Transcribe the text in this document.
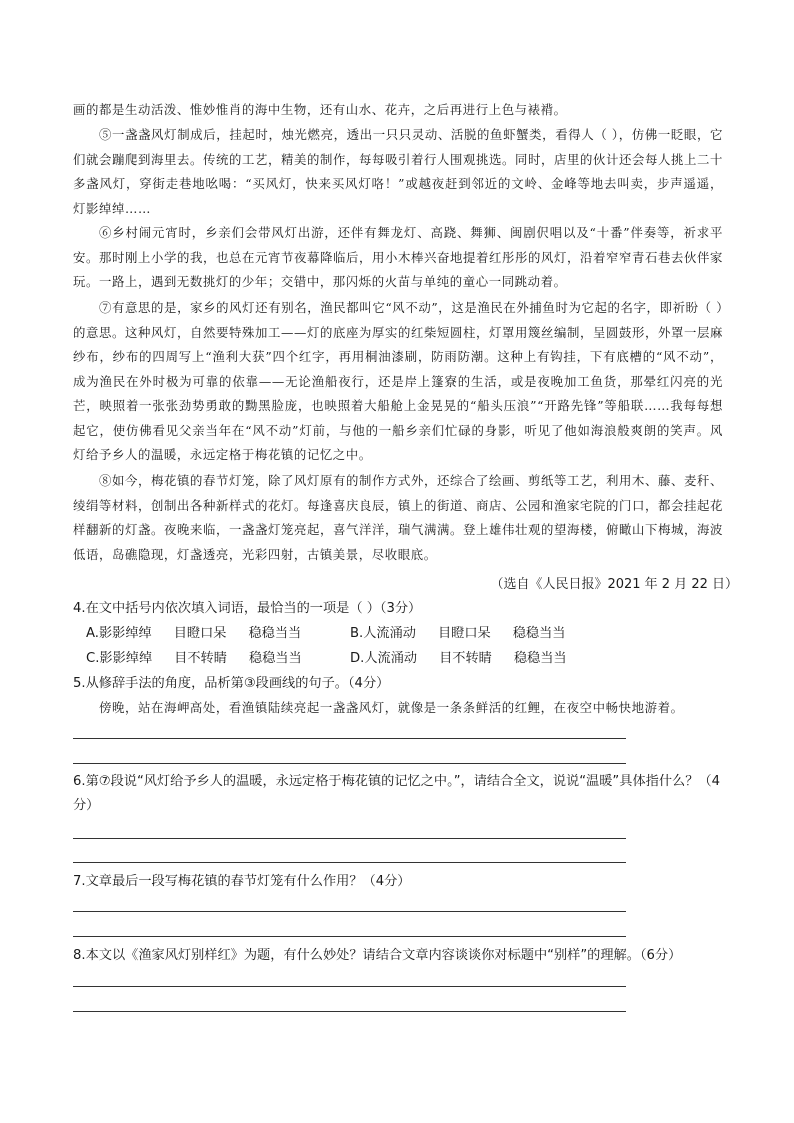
画的都是生动活泼、惟妙惟肖的海中生物，还有山水、花卉，之后再进行上色与裱褙。

⑤一盏盏风灯制成后，挂起时，烛光燃亮，透出一只只灵动、活脱的鱼虾蟹类，看得人（ ），仿佛一眨眼，它们就会蹦爬到海里去。传统的工艺，精美的制作，每每吸引着行人围观挑选。同时，店里的伙计还会每人挑上二十多盏风灯，穿街走巷地吆喝：“买风灯，快来买风灯咯！”或越夜赶到邻近的文岭、金峰等地去叫卖，步声遥遥，灯影绰绰……

⑥乡村闹元宵时，乡亲们会带风灯出游，还伴有舞龙灯、高跷、舞狮、闽剧伬唱以及“十番”伴奏等，祈求平安。那时刚上小学的我，也总在元宵节夜幕降临后，用小木棒兴奋地提着红彤彤的风灯，沿着窄窄青石巷去伙伴家玩。一路上，遇到无数挑灯的少年；交错中，那闪烁的火苗与单纯的童心一同跳动着。

⑦有意思的是，家乡的风灯还有别名，渔民都叫它“风不动”，这是渔民在外捕鱼时为它起的名字，即祈盼（ ）的意思。这种风灯，自然要特殊加工——灯的底座为厚实的红柴短圆柱，灯罩用篾丝编制，呈圆鼓形，外罩一层麻纱布，纱布的四周写上“渔利大获”四个红字，再用桐油漆刷，防雨防潮。这种上有钩挂，下有底槽的“风不动”，成为渔民在外时极为可靠的依靠——无论渔船夜行，还是岸上篷寮的生活，或是夜晚加工鱼货，那晕红闪亮的光芒，映照着一张张劲势勇敢的黝黑脸庞，也映照着大船舱上金晃晃的“船头压浪”“开路先锋”等船联……我每每想起它，使仿佛看见父亲当年在“风不动”灯前，与他的一船乡亲们忙碌的身影，听见了他如海浪般爽朗的笑声。风灯给予乡人的温暖，永远定格于梅花镇的记忆之中。

⑧如今，梅花镇的春节灯笼，除了风灯原有的制作方式外，还综合了绘画、剪纸等工艺，利用木、藤、麦秆、绫绢等材料，创制出各种新样式的花灯。每逢喜庆良辰，镇上的街道、商店、公园和渔家宅院的门口，都会挂起花样翻新的灯盏。夜晚来临，一盏盏灯笼亮起，喜气洋洋，瑞气满满。登上雄伟壮观的望海楼，俯瞰山下梅城，海波低语，岛礁隐现，灯盏透亮，光彩四射，古镇美景，尽收眼底。

（选自《人民日报》2021 年 2 月 22 日）

4.在文中括号内依次填入词语，最恰当的一项是（ ）（3分）

A.影影绰绰 目瞪口呆 稳稳当当	B.人流涌动 目瞪口呆 稳稳当当
C.影影绰绰 目不转睛 稳稳当当	D.人流涌动 目不转睛 稳稳当当

5.从修辞手法的角度，品析第③段画线的句子。（4分）

傍晚，站在海岬高处，看渔镇陆续亮起一盏盏风灯，就像是一条条鲜活的红鲤，在夜空中畅快地游着。

6.第⑦段说“风灯给予乡人的温暖，永远定格于梅花镇的记忆之中。”，请结合全文，说说“温暖”具体指什么？（4分）

7.文章最后一段写梅花镇的春节灯笼有什么作用？（4分）

8.本文以《渔家风灯别样红》为题，有什么妙处？请结合文章内容谈谈你对标题中“别样”的理解。（6分）
